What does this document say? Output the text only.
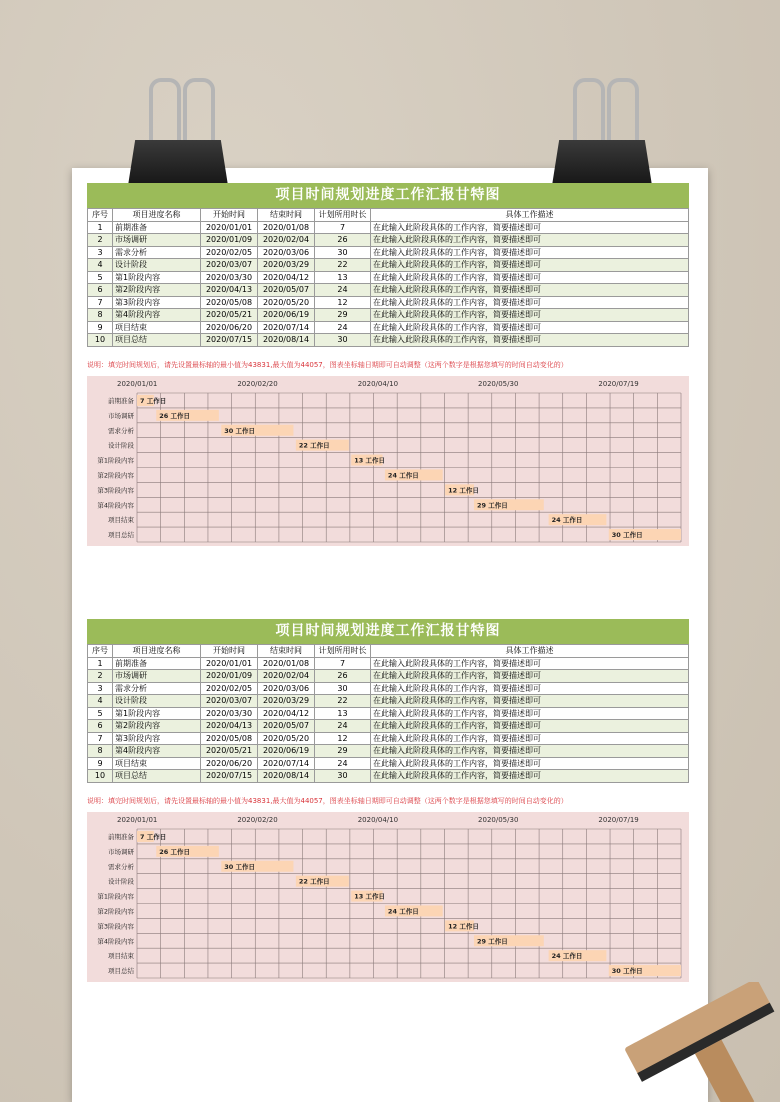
项目时间规划进度工作汇报甘特图
序号	项目进度名称	开始时间	结束时间	计划所用时长	具体工作描述
1	前期准备	2020/01/01	2020/01/08	7	在此输入此阶段具体的工作内容，简要描述即可
2	市场调研	2020/01/09	2020/02/04	26	在此输入此阶段具体的工作内容，简要描述即可
3	需求分析	2020/02/05	2020/03/06	30	在此输入此阶段具体的工作内容，简要描述即可
4	设计阶段	2020/03/07	2020/03/29	22	在此输入此阶段具体的工作内容，简要描述即可
5	第1阶段内容	2020/03/30	2020/04/12	13	在此输入此阶段具体的工作内容，简要描述即可
6	第2阶段内容	2020/04/13	2020/05/07	24	在此输入此阶段具体的工作内容，简要描述即可
7	第3阶段内容	2020/05/08	2020/05/20	12	在此输入此阶段具体的工作内容，简要描述即可
8	第4阶段内容	2020/05/21	2020/06/19	29	在此输入此阶段具体的工作内容，简要描述即可
9	项目结束	2020/06/20	2020/07/14	24	在此输入此阶段具体的工作内容，简要描述即可
10	项目总结	2020/07/15	2020/08/14	30	在此输入此阶段具体的工作内容，简要描述即可
说明：填完时间规划后，请先设置最标轴的最小值为43831,最大值为44057，图表坐标轴日期即可自动调整（这两个数字是根据您填写的时间自动变化的）
2020/01/01	2020/02/20	2020/04/10	2020/05/30	2020/07/19
前期准备 7 工作日
市场调研	26 工作日
需求分析	30 工作日
设计阶段	22 工作日
第1阶段内容	13 工作日
第2阶段内容	24 工作日
第3阶段内容	12 工作日
第4阶段内容	29 工作日
项目结束	24 工作日
项目总结	30 工作日
项目时间规划进度工作汇报甘特图
序号	项目进度名称	开始时间	结束时间	计划所用时长	具体工作描述
1	前期准备	2020/01/01	2020/01/08	7	在此输入此阶段具体的工作内容，简要描述即可
2	市场调研	2020/01/09	2020/02/04	26	在此输入此阶段具体的工作内容，简要描述即可
3	需求分析	2020/02/05	2020/03/06	30	在此输入此阶段具体的工作内容，简要描述即可
4	设计阶段	2020/03/07	2020/03/29	22	在此输入此阶段具体的工作内容，简要描述即可
5	第1阶段内容	2020/03/30	2020/04/12	13	在此输入此阶段具体的工作内容，简要描述即可
6	第2阶段内容	2020/04/13	2020/05/07	24	在此输入此阶段具体的工作内容，简要描述即可
7	第3阶段内容	2020/05/08	2020/05/20	12	在此输入此阶段具体的工作内容，简要描述即可
8	第4阶段内容	2020/05/21	2020/06/19	29	在此输入此阶段具体的工作内容，简要描述即可
9	项目结束	2020/06/20	2020/07/14	24	在此输入此阶段具体的工作内容，简要描述即可
10	项目总结	2020/07/15	2020/08/14	30	在此输入此阶段具体的工作内容，简要描述即可
说明：填完时间规划后，请先设置最标轴的最小值为43831,最大值为44057，图表坐标轴日期即可自动调整（这两个数字是根据您填写的时间自动变化的）
2020/01/01	2020/02/20	2020/04/10	2020/05/30	2020/07/19
前期准备 7 工作日
市场调研	26 工作日
需求分析	30 工作日
设计阶段	22 工作日
第1阶段内容	13 工作日
第2阶段内容	24 工作日
第3阶段内容	12 工作日
第4阶段内容	29 工作日
项目结束	24 工作日
项目总结	30 工作日
